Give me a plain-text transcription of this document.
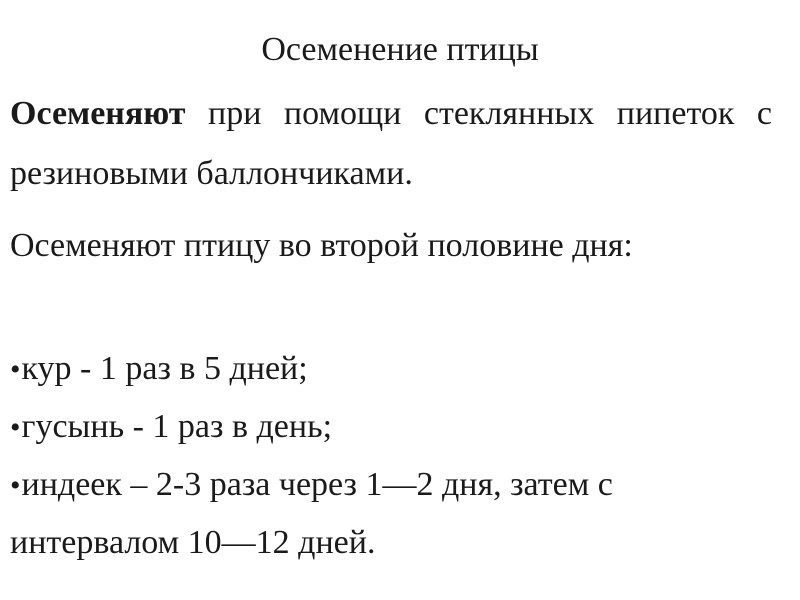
Осеменение птицы
Осеменяют при помощи стеклянных пипеток с резиновыми баллончиками.
Осеменяют птицу во второй половине дня:
•кур - 1 раз в 5 дней;
•гусынь - 1 раз в день;
•индеек – 2-3 раза через 1—2 дня, затем с интервалом 10—12 дней.
